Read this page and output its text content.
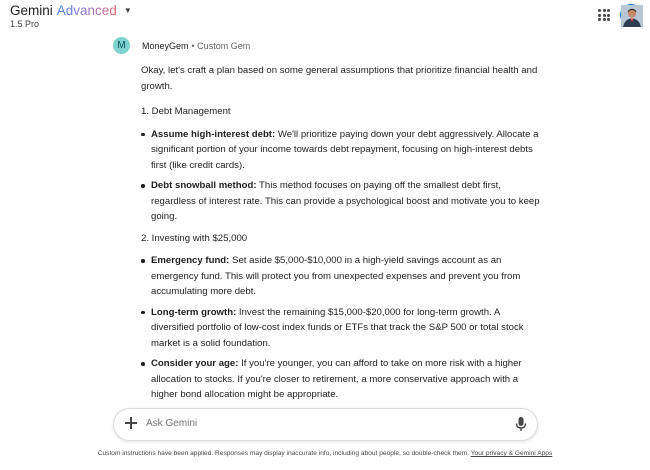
Gemini Advanced ▼
1.5 Pro
M	MoneyGem • Custom Gem

Okay, let's craft a plan based on some general assumptions that prioritize financial health and growth.

1. Debt Management
Assume high-interest debt: We'll prioritize paying down your debt aggressively. Allocate a significant portion of your income towards debt repayment, focusing on high-interest debts first (like credit cards).
Debt snowball method: This method focuses on paying off the smallest debt first, regardless of interest rate. This can provide a psychological boost and motivate you to keep going.
2. Investing with $25,000
Emergency fund: Set aside $5,000-$10,000 in a high-yield savings account as an emergency fund. This will protect you from unexpected expenses and prevent you from accumulating more debt.
Long-term growth: Invest the remaining $15,000-$20,000 for long-term growth. A diversified portfolio of low-cost index funds or ETFs that track the S&P 500 or total stock market is a solid foundation.
Consider your age: If you're younger, you can afford to take on more risk with a higher allocation to stocks. If you're closer to retirement, a more conservative approach with a higher bond allocation might be appropriate.
Ask Gemini
Custom instructions have been applied. Responses may display inaccurate info, including about people, so double-check them. Your privacy & Gemini Apps
